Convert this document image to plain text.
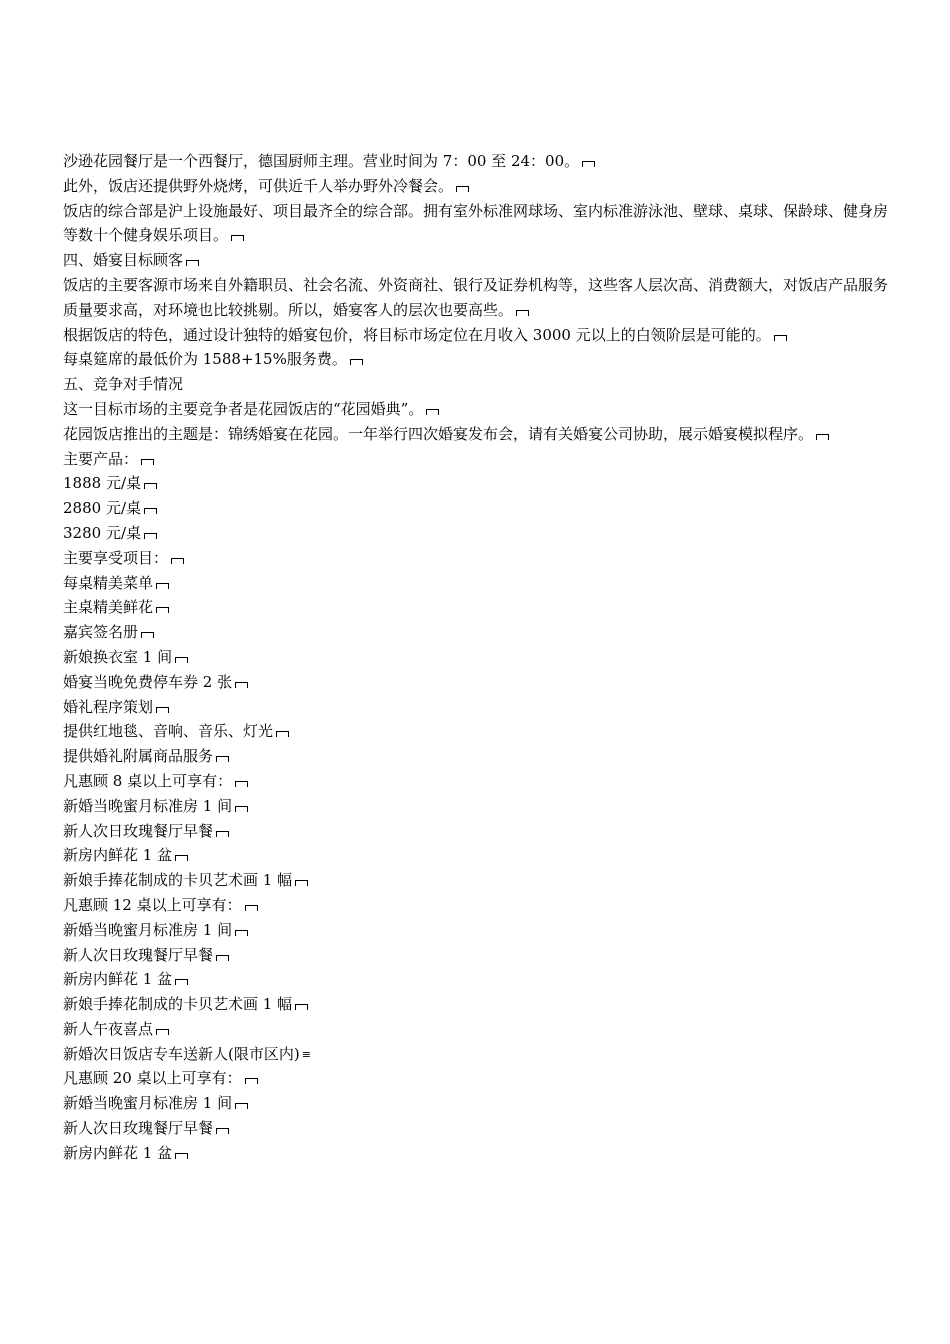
沙逊花园餐厅是一个西餐厅，德国厨师主理。营业时间为 7：00 至 24：00。
此外，饭店还提供野外烧烤，可供近千人举办野外冷餐会。
饭店的综合部是沪上设施最好、项目最齐全的综合部。拥有室外标准网球场、室内标准游泳池、壁球、桌球、保龄球、健身房等数十个健身娱乐项目。
四、婚宴目标顾客
饭店的主要客源市场来自外籍职员、社会名流、外资商社、银行及证券机构等，这些客人层次高、消费额大，对饭店产品服务质量要求高，对环境也比较挑剔。所以，婚宴客人的层次也要高些。
根据饭店的特色，通过设计独特的婚宴包价，将目标市场定位在月收入 3000 元以上的白领阶层是可能的。
每桌筵席的最低价为 1588+15%服务费。
五、竞争对手情况
这一目标市场的主要竞争者是花园饭店的“花园婚典”。
花园饭店推出的主题是：锦绣婚宴在花园。一年举行四次婚宴发布会，请有关婚宴公司协助，展示婚宴模拟程序。
主要产品：
1888 元/桌
2880 元/桌
3280 元/桌
主要享受项目：
每桌精美菜单
主桌精美鲜花
嘉宾签名册
新娘换衣室 1 间
婚宴当晚免费停车券 2 张
婚礼程序策划
提供红地毯、音响、音乐、灯光
提供婚礼附属商品服务
凡惠顾 8 桌以上可享有：
新婚当晚蜜月标准房 1 间
新人次日玫瑰餐厅早餐
新房内鲜花 1 盆
新娘手捧花制成的卡贝艺术画 1 幅
凡惠顾 12 桌以上可享有：
新婚当晚蜜月标准房 1 间
新人次日玫瑰餐厅早餐
新房内鲜花 1 盆
新娘手捧花制成的卡贝艺术画 1 幅
新人午夜喜点
新婚次日饭店专车送新人(限市区内) ≡
凡惠顾 20 桌以上可享有：
新婚当晚蜜月标准房 1 间
新人次日玫瑰餐厅早餐
新房内鲜花 1 盆
